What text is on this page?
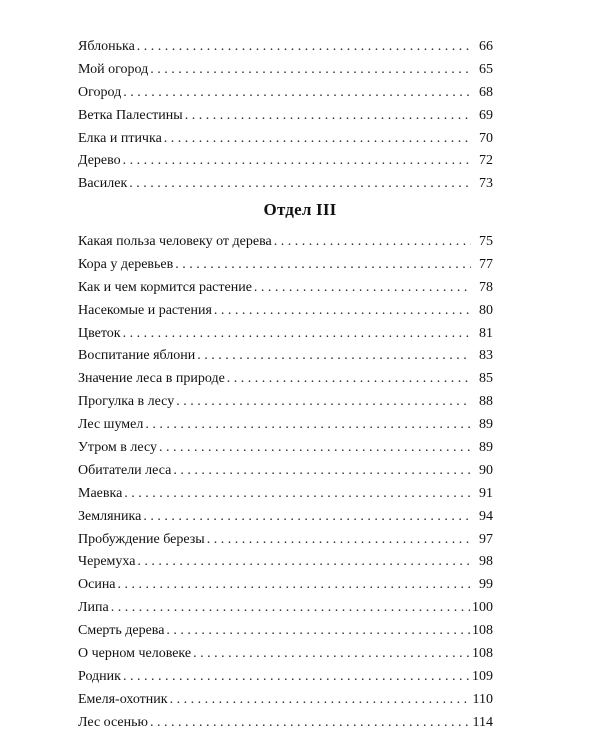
Яблонька . . .	66
Мой огород . . .	65
Огород . . .	68
Ветка Палестины . . .	69
Елка и птичка . . .	70
Дерево . . .	72
Василек . . .	73
Отдел III
Какая польза человеку от дерева . . .	75
Кора у деревьев . . .	77
Как и чем кормится растение . . .	78
Насекомые и растения . . .	80
Цветок . . .	81
Воспитание яблони . . .	83
Значение леса в природе . . .	85
Прогулка в лесу . . .	88
Лес шумел . . .	89
Утром в лесу . . .	89
Обитатели леса . . .	90
Маевка . . .	91
Земляника . . .	94
Пробуждение березы . . .	97
Черемуха . . .	98
Осина . . .	99
Липа . . .	100
Смерть дерева . . .	108
О черном человеке . . .	108
Родник . . .	109
Емеля-охотник . . .	110
Лес осенью . . .	114
